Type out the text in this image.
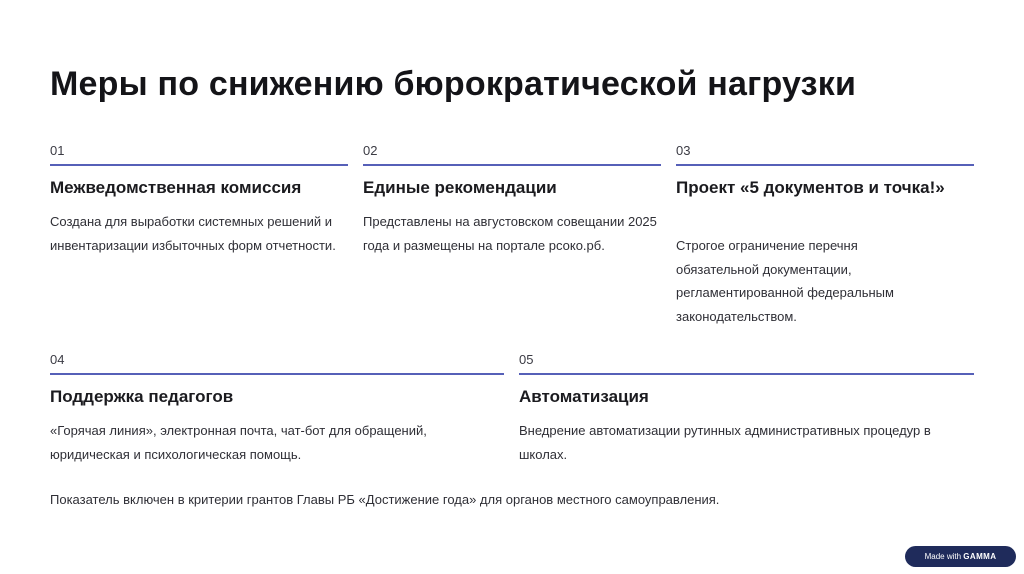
Меры по снижению бюрократической нагрузки
01
Межведомственная комиссия
Создана для выработки системных решений и инвентаризации избыточных форм отчетности.
02
Единые рекомендации
Представлены на августовском совещании 2025 года и размещены на портале рсоко.рб.
03
Проект «5 документов и точка!»
Строгое ограничение перечня обязательной документации, регламентированной федеральным законодательством.
04
Поддержка педагогов
«Горячая линия», электронная почта, чат-бот для обращений, юридическая и психологическая помощь.
05
Автоматизация
Внедрение автоматизации рутинных административных процедур в школах.
Показатель включен в критерии грантов Главы РБ «Достижение года» для органов местного самоуправления.
Made with GAMMA
